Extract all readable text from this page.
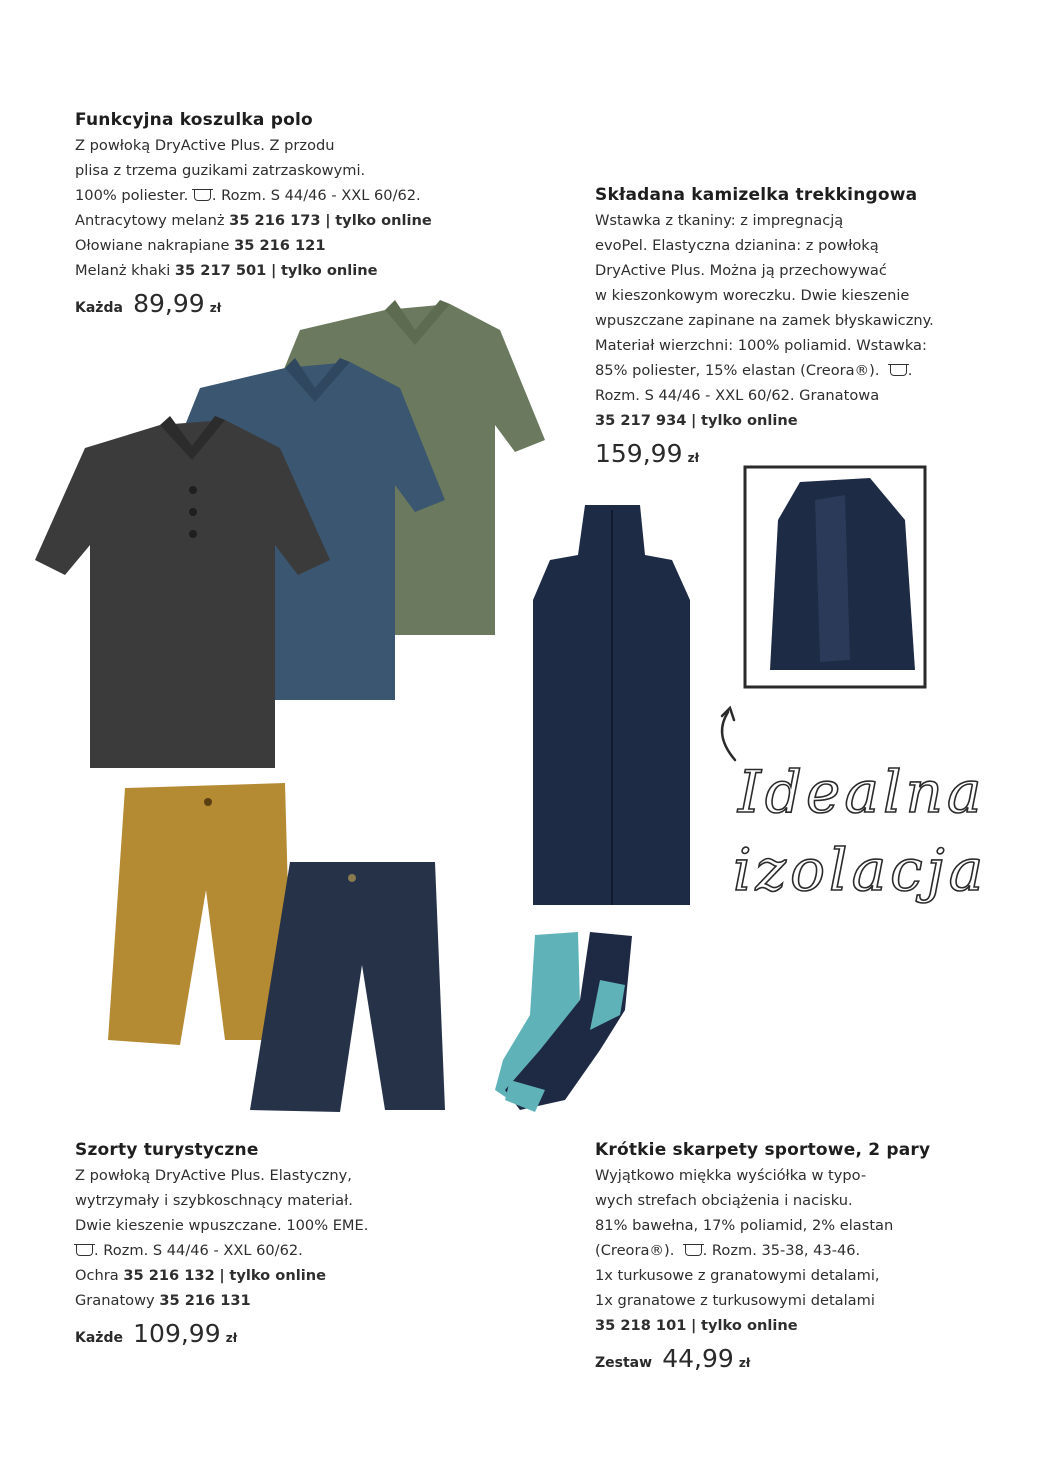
Funkcyjna koszulka polo
Z powłoką DryActive Plus. Z przodu
plisa z trzema guzikami zatrzaskowymi.
100% poliester. . Rozm. S 44/46 - XXL 60/62.
Antracytowy melanż 35 216 173 | tylko online
Ołowiane nakrapiane 35 216 121
Melanż khaki 35 217 501 | tylko online
Każda 89,99 zł
Składana kamizelka trekkingowa
Wstawka z tkaniny: z impregnacją
evoPel. Elastyczna dzianina: z powłoką
DryActive Plus. Można ją przechowywać
w kieszonkowym woreczku. Dwie kieszenie
wpuszczane zapinane na zamek błyskawiczny.
Materiał wierzchni: 100% poliamid. Wstawka:
85% poliester, 15% elastan (Creora®). .
Rozm. S 44/46 - XXL 60/62. Granatowa
35 217 934 | tylko online
159,99 zł
Idealna
izolacja
Szorty turystyczne
Z powłoką DryActive Plus. Elastyczny,
wytrzymały i szybkoschnący materiał.
Dwie kieszenie wpuszczane. 100% EME.
. Rozm. S 44/46 - XXL 60/62.
Ochra 35 216 132 | tylko online
Granatowy 35 216 131
Każde 109,99 zł
Krótkie skarpety sportowe, 2 pary
Wyjątkowo miękka wyściółka w typo-
wych strefach obciążenia i nacisku.
81% bawełna, 17% poliamid, 2% elastan
(Creora®). . Rozm. 35-38, 43-46.
1x turkusowe z granatowymi detalami,
1x granatowe z turkusowymi detalami
35 218 101 | tylko online
Zestaw 44,99 zł
